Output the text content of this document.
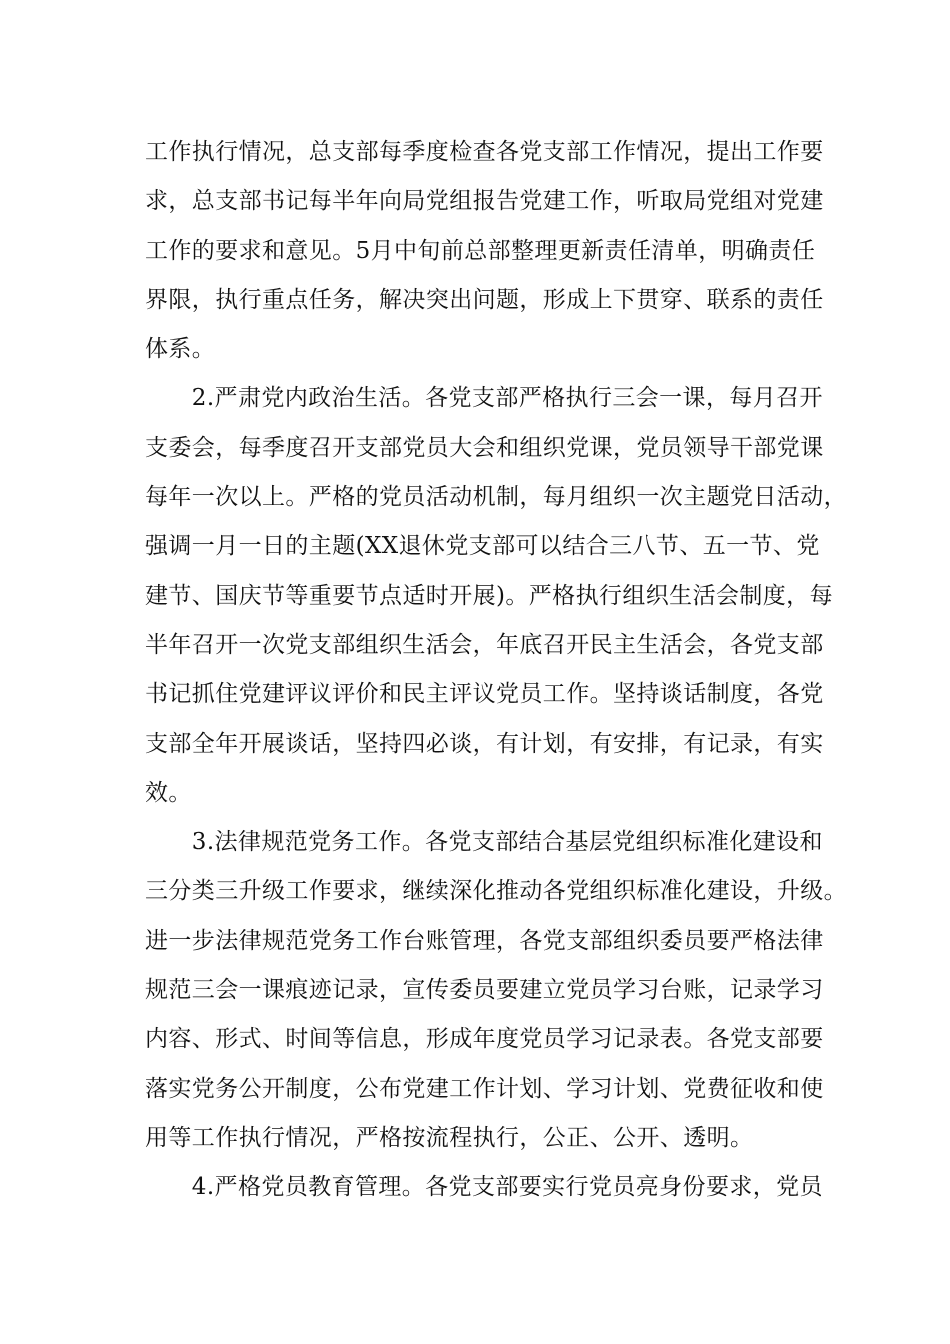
工作执行情况，总支部每季度检查各党支部工作情况，提出工作要
求，总支部书记每半年向局党组报告党建工作，听取局党组对党建
工作的要求和意见。5月中旬前总部整理更新责任清单，明确责任
界限，执行重点任务，解决突出问题，形成上下贯穿、联系的责任
体系。
　　2.严肃党内政治生活。各党支部严格执行三会一课，每月召开
支委会，每季度召开支部党员大会和组织党课，党员领导干部党课
每年一次以上。严格的党员活动机制，每月组织一次主题党日活动，
强调一月一日的主题(XX退休党支部可以结合三八节、五一节、党
建节、国庆节等重要节点适时开展)。严格执行组织生活会制度，每
半年召开一次党支部组织生活会，年底召开民主生活会，各党支部
书记抓住党建评议评价和民主评议党员工作。坚持谈话制度，各党
支部全年开展谈话，坚持四必谈，有计划，有安排，有记录，有实
效。
　　3.法律规范党务工作。各党支部结合基层党组织标准化建设和
三分类三升级工作要求，继续深化推动各党组织标准化建设，升级。
进一步法律规范党务工作台账管理，各党支部组织委员要严格法律
规范三会一课痕迹记录，宣传委员要建立党员学习台账，记录学习
内容、形式、时间等信息，形成年度党员学习记录表。各党支部要
落实党务公开制度，公布党建工作计划、学习计划、党费征收和使
用等工作执行情况，严格按流程执行，公正、公开、透明。
　　4.严格党员教育管理。各党支部要实行党员亮身份要求，党员
